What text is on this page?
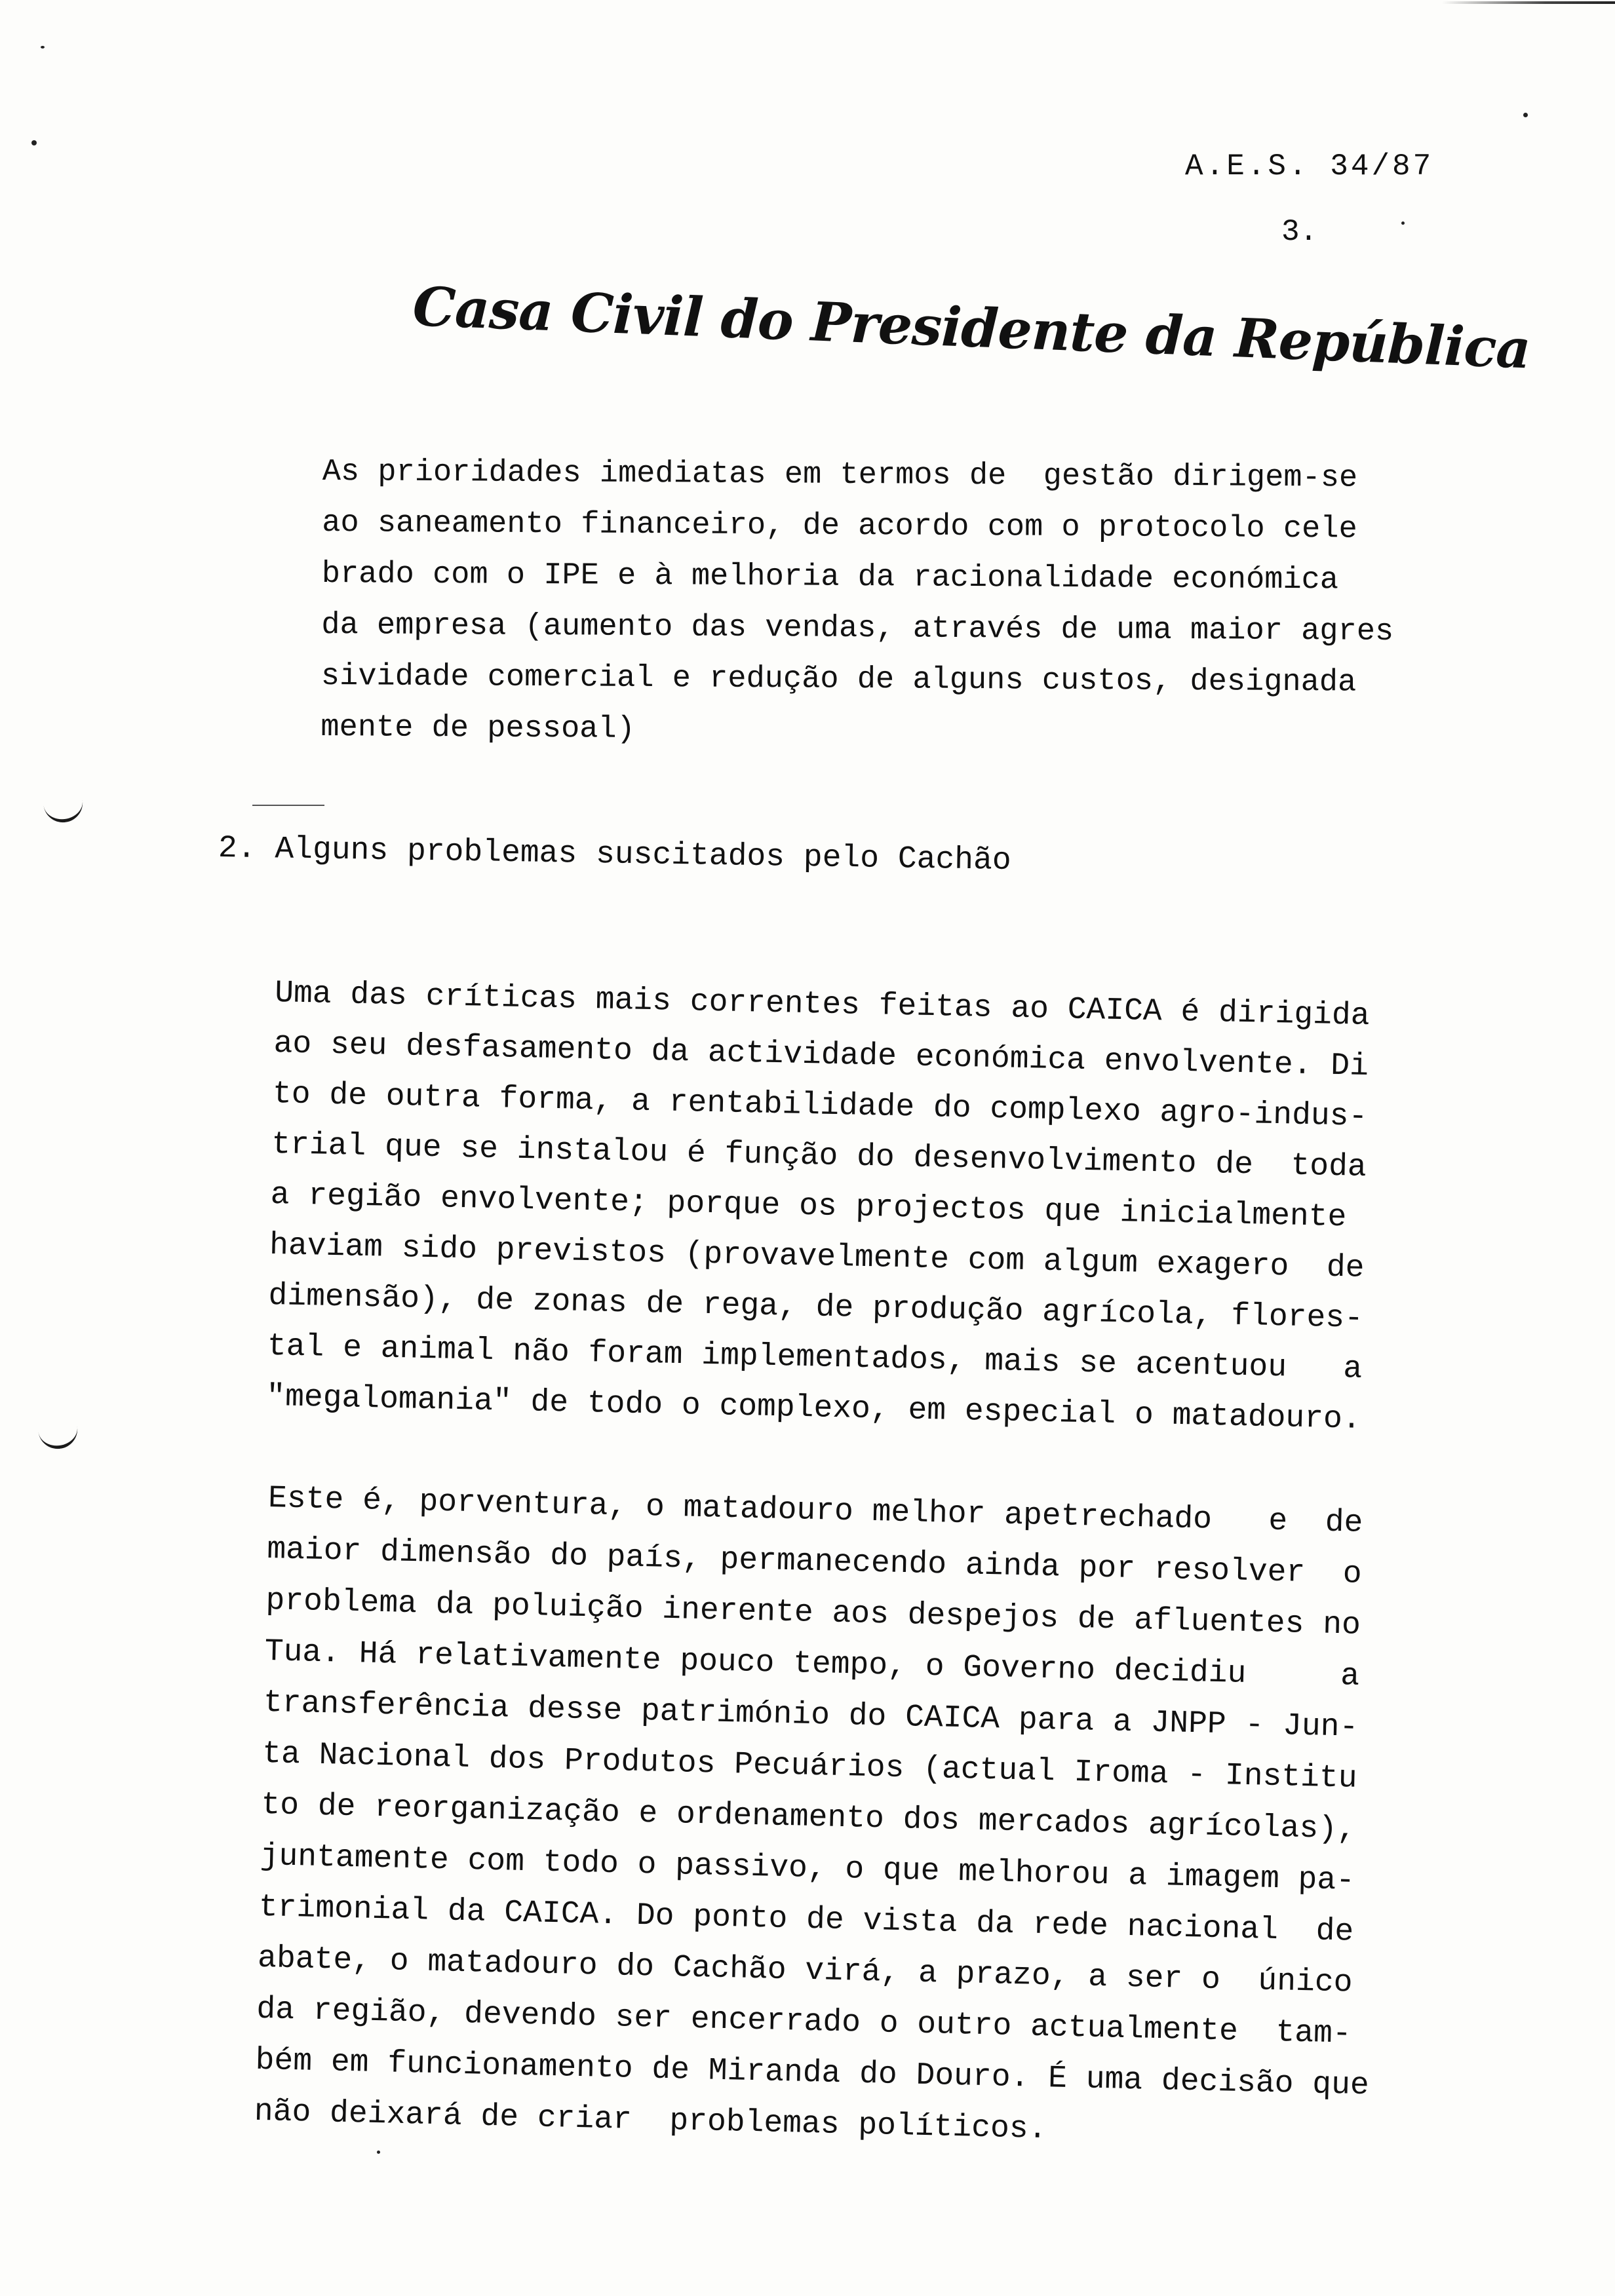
A.E.S. 34/87
3.
Casa Civil do Presidente da República
As prioridades imediatas em termos de  gestão dirigem-se
ao saneamento financeiro, de acordo com o protocolo cele
brado com o IPE e à melhoria da racionalidade económica
da empresa (aumento das vendas, através de uma maior agres
sividade comercial e redução de alguns custos, designada
mente de pessoal)
2. Alguns problemas suscitados pelo Cachão
Uma das críticas mais correntes feitas ao CAICA é dirigida
ao seu desfasamento da actividade económica envolvente. Di
to de outra forma, a rentabilidade do complexo agro-indus-
trial que se instalou é função do desenvolvimento de  toda
a região envolvente; porque os projectos que inicialmente
haviam sido previstos (provavelmente com algum exagero  de
dimensão), de zonas de rega, de produção agrícola, flores-
tal e animal não foram implementados, mais se acentuou   a
"megalomania" de todo o complexo, em especial o matadouro.
Este é, porventura, o matadouro melhor apetrechado   e  de
maior dimensão do país, permanecendo ainda por resolver  o
problema da poluição inerente aos despejos de afluentes no
Tua. Há relativamente pouco tempo, o Governo decidiu     a
transferência desse património do CAICA para a JNPP - Jun-
ta Nacional dos Produtos Pecuários (actual Iroma - Institu
to de reorganização e ordenamento dos mercados agrícolas),
juntamente com todo o passivo, o que melhorou a imagem pa-
trimonial da CAICA. Do ponto de vista da rede nacional  de
abate, o matadouro do Cachão virá, a prazo, a ser o  único
da região, devendo ser encerrado o outro actualmente  tam-
bém em funcionamento de Miranda do Douro. É uma decisão que
não deixará de criar  problemas políticos.
